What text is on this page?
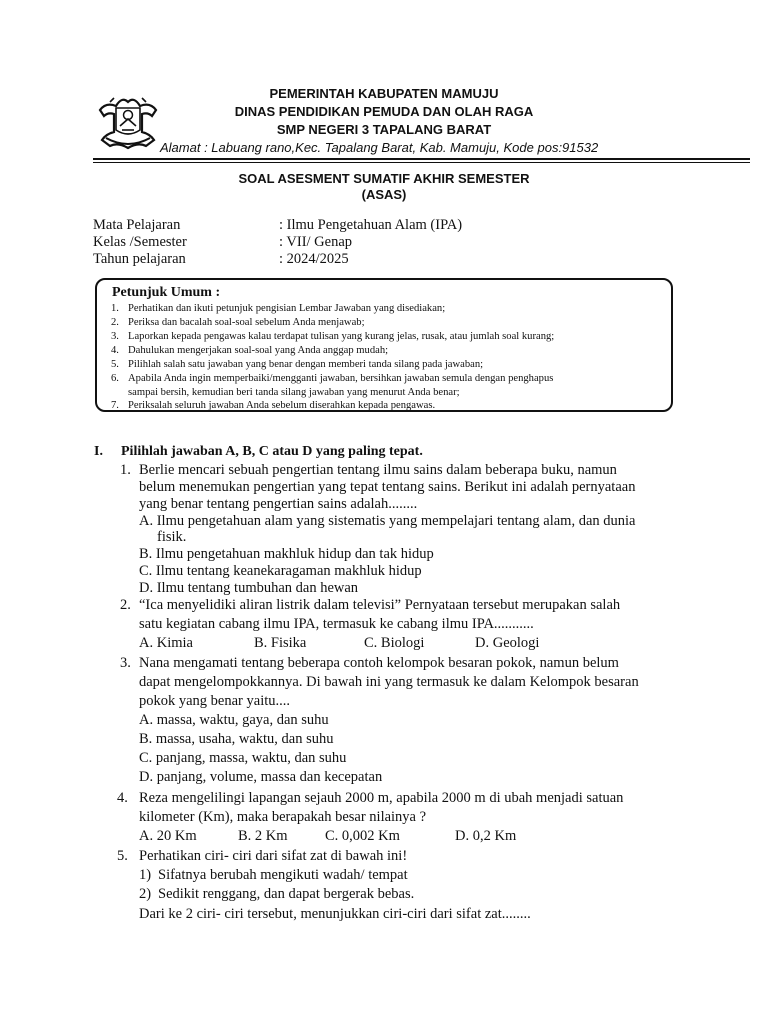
PEMERINTAH KABUPATEN MAMUJU
DINAS PENDIDIKAN PEMUDA DAN OLAH RAGA
SMP NEGERI 3 TAPALANG BARAT
Alamat : Labuang rano,Kec. Tapalang Barat, Kab. Mamuju, Kode pos:91532
SOAL ASESMENT SUMATIF AKHIR SEMESTER
(ASAS)
Mata Pelajaran	: Ilmu Pengetahuan Alam (IPA)
Kelas /Semester	: VII/ Genap
Tahun pelajaran	: 2024/2025
Petunjuk Umum :
1. Perhatikan dan ikuti petunjuk pengisian Lembar Jawaban yang disediakan;
2. Periksa dan bacalah soal-soal sebelum Anda menjawab;
3. Laporkan kepada pengawas kalau terdapat tulisan yang kurang jelas, rusak, atau jumlah soal kurang;
4. Dahulukan mengerjakan soal-soal yang Anda anggap mudah;
5. Pilihlah salah satu jawaban yang benar dengan memberi tanda silang pada jawaban;
6. Apabila Anda ingin memperbaiki/mengganti jawaban, bersihkan jawaban semula dengan penghapus
sampai bersih, kemudian beri tanda silang jawaban yang menurut Anda benar;
7. Periksalah seluruh jawaban Anda sebelum diserahkan kepada pengawas.
I. Pilihlah jawaban A, B, C atau D yang paling tepat.
1. Berlie mencari sebuah pengertian tentang ilmu sains dalam beberapa buku, namun
belum menemukan pengertian yang tepat tentang sains. Berikut ini adalah pernyataan
yang benar tentang pengertian sains adalah........
A. Ilmu pengetahuan alam yang sistematis yang mempelajari tentang alam, dan dunia
fisik.
B. Ilmu pengetahuan makhluk hidup dan tak hidup
C. Ilmu tentang keanekaragaman makhluk hidup
D. Ilmu tentang tumbuhan dan hewan
2. “Ica menyelidiki aliran listrik dalam televisi” Pernyataan tersebut merupakan salah
satu kegiatan cabang ilmu IPA, termasuk ke cabang ilmu IPA...........
A. Kimia	B. Fisika	C. Biologi	D. Geologi
3. Nana mengamati tentang beberapa contoh kelompok besaran pokok, namun belum
dapat mengelompokkannya. Di bawah ini yang termasuk ke dalam Kelompok besaran
pokok yang benar yaitu....
A. massa, waktu, gaya, dan suhu
B. massa, usaha, waktu, dan suhu
C. panjang, massa, waktu, dan suhu
D. panjang, volume, massa dan kecepatan
4. Reza mengelilingi lapangan sejauh 2000 m, apabila 2000 m di ubah menjadi satuan
kilometer (Km), maka berapakah besar nilainya ?
A. 20 Km	B. 2 Km	C. 0,002 Km	D. 0,2 Km
5. Perhatikan ciri- ciri dari sifat zat di bawah ini!
1) Sifatnya berubah mengikuti wadah/ tempat
2) Sedikit renggang, dan dapat bergerak bebas.
Dari ke 2 ciri- ciri tersebut, menunjukkan ciri-ciri dari sifat zat........
